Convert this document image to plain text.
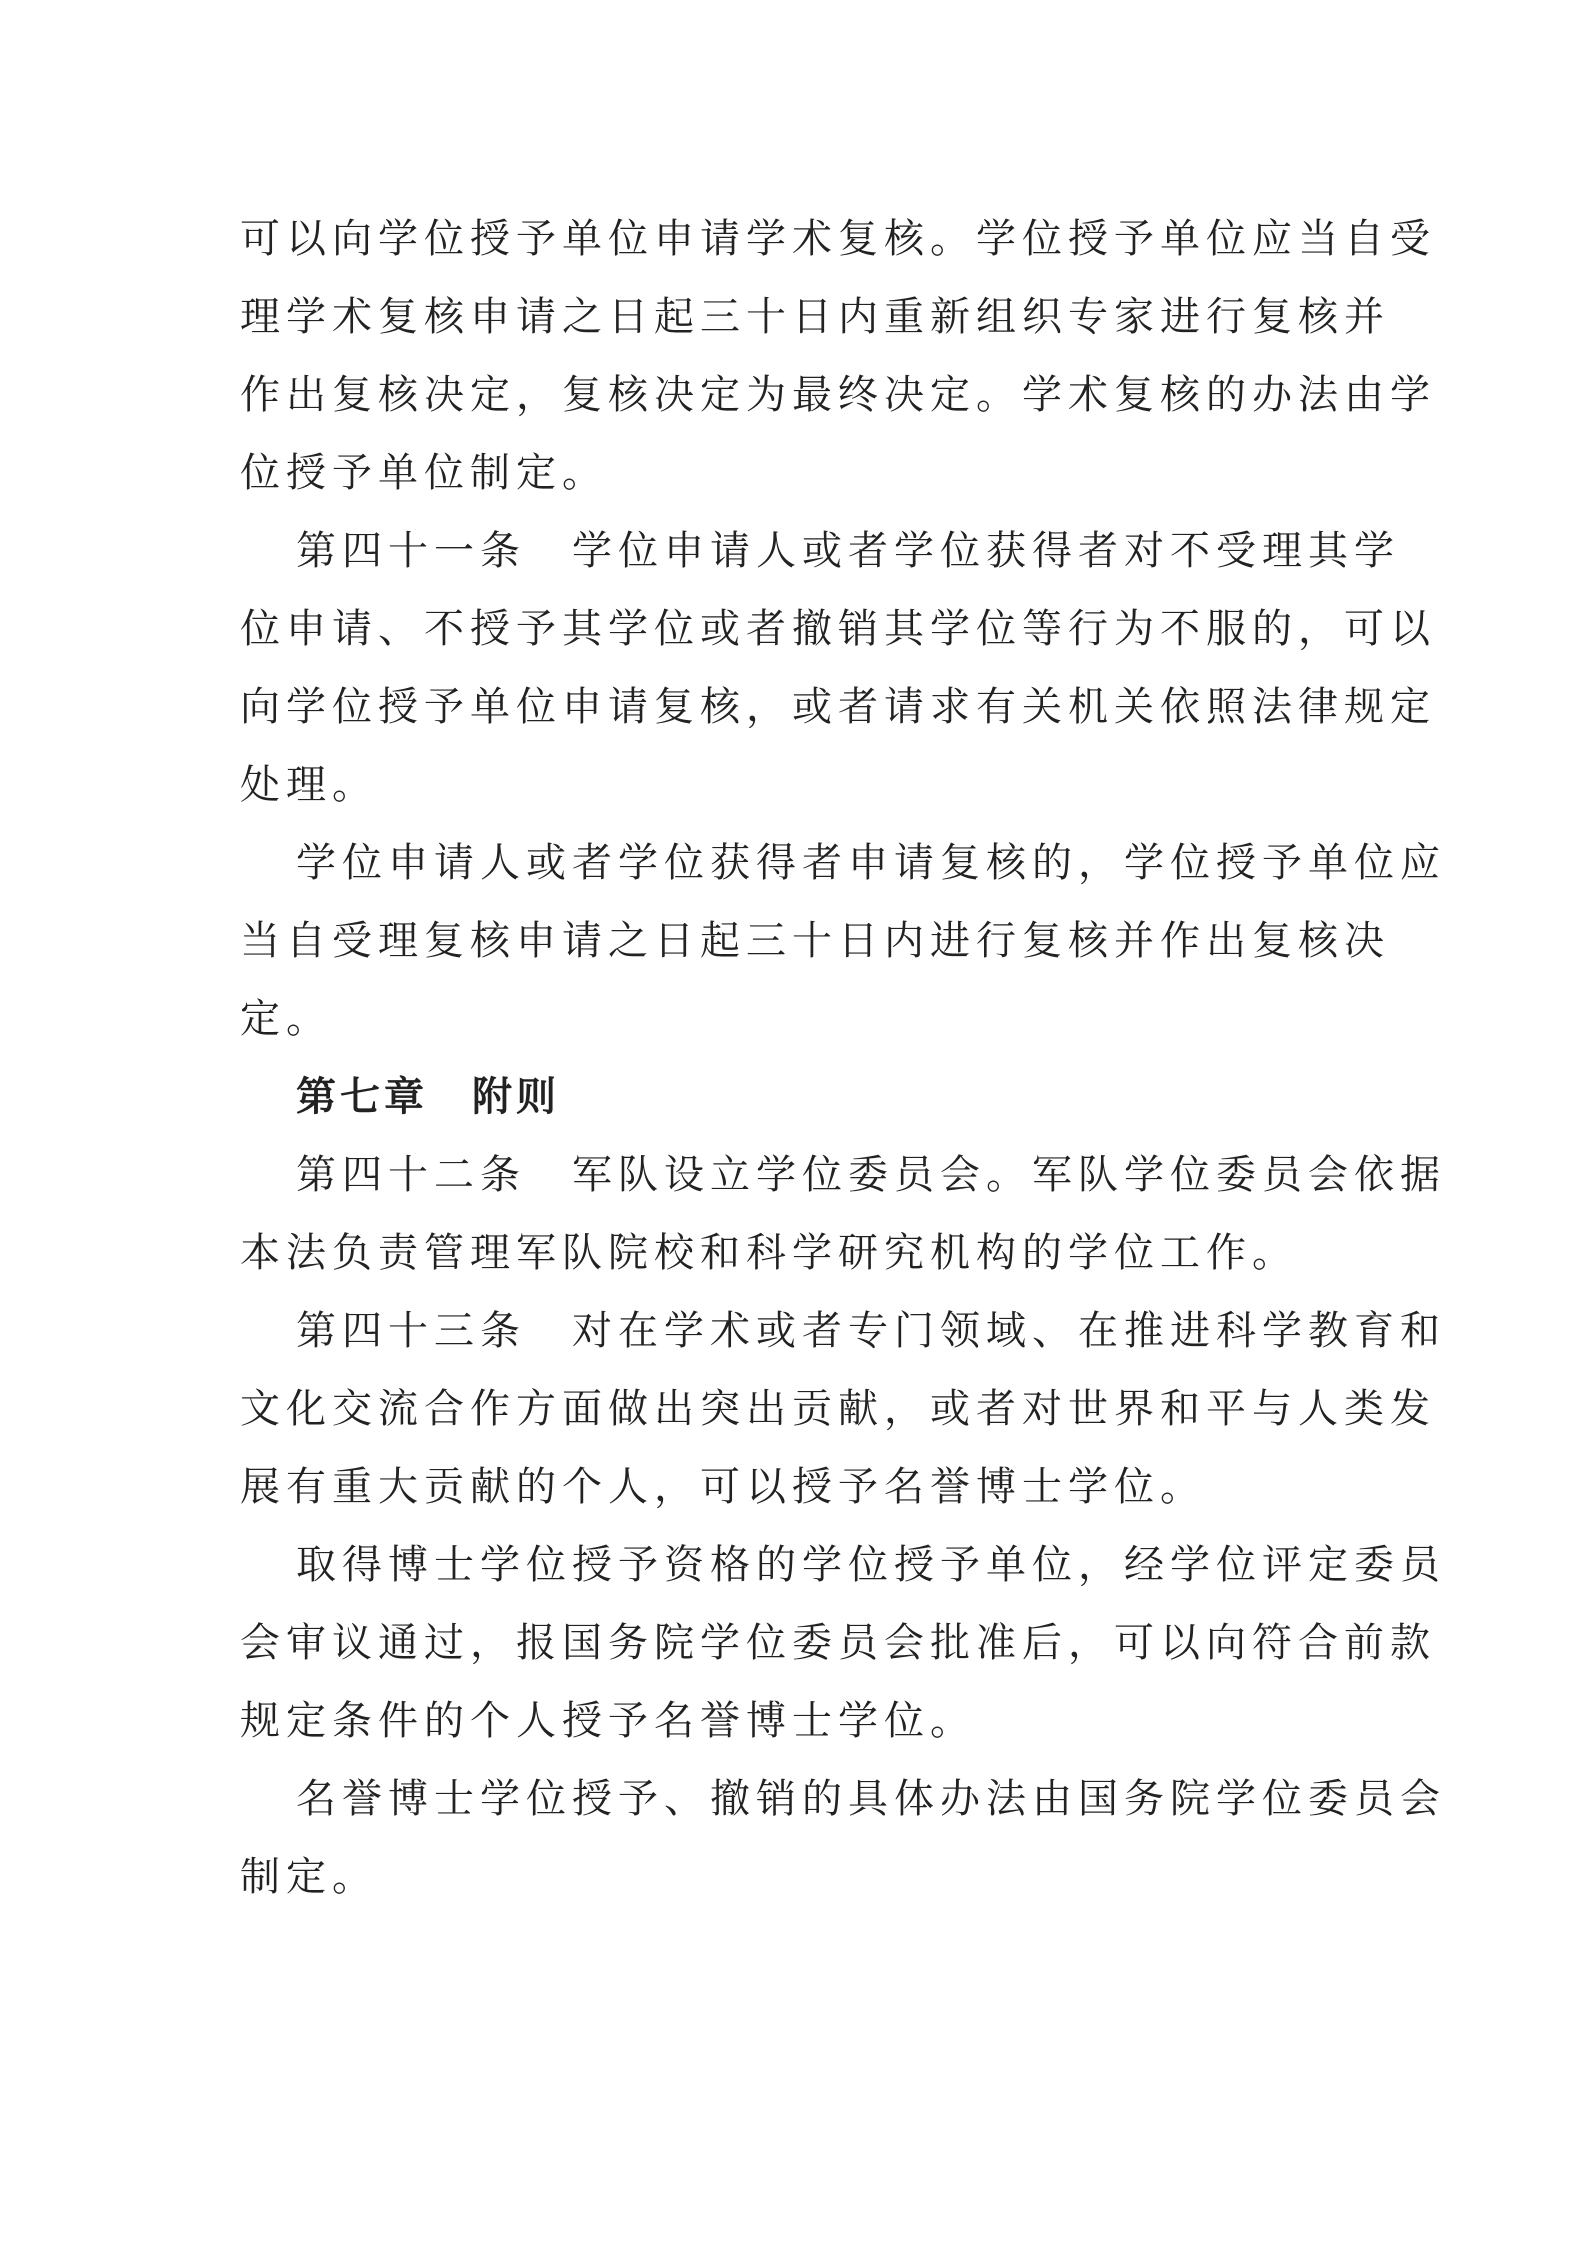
可以向学位授予单位申请学术复核。学位授予单位应当自受
理学术复核申请之日起三十日内重新组织专家进行复核并
作出复核决定，复核决定为最终决定。学术复核的办法由学
位授予单位制定。
第四十一条　学位申请人或者学位获得者对不受理其学
位申请、不授予其学位或者撤销其学位等行为不服的，可以
向学位授予单位申请复核，或者请求有关机关依照法律规定
处理。
学位申请人或者学位获得者申请复核的，学位授予单位应
当自受理复核申请之日起三十日内进行复核并作出复核决
定。
第七章　附则
第四十二条　军队设立学位委员会。军队学位委员会依据
本法负责管理军队院校和科学研究机构的学位工作。
第四十三条　对在学术或者专门领域、在推进科学教育和
文化交流合作方面做出突出贡献，或者对世界和平与人类发
展有重大贡献的个人，可以授予名誉博士学位。
取得博士学位授予资格的学位授予单位，经学位评定委员
会审议通过，报国务院学位委员会批准后，可以向符合前款
规定条件的个人授予名誉博士学位。
名誉博士学位授予、撤销的具体办法由国务院学位委员会
制定。
